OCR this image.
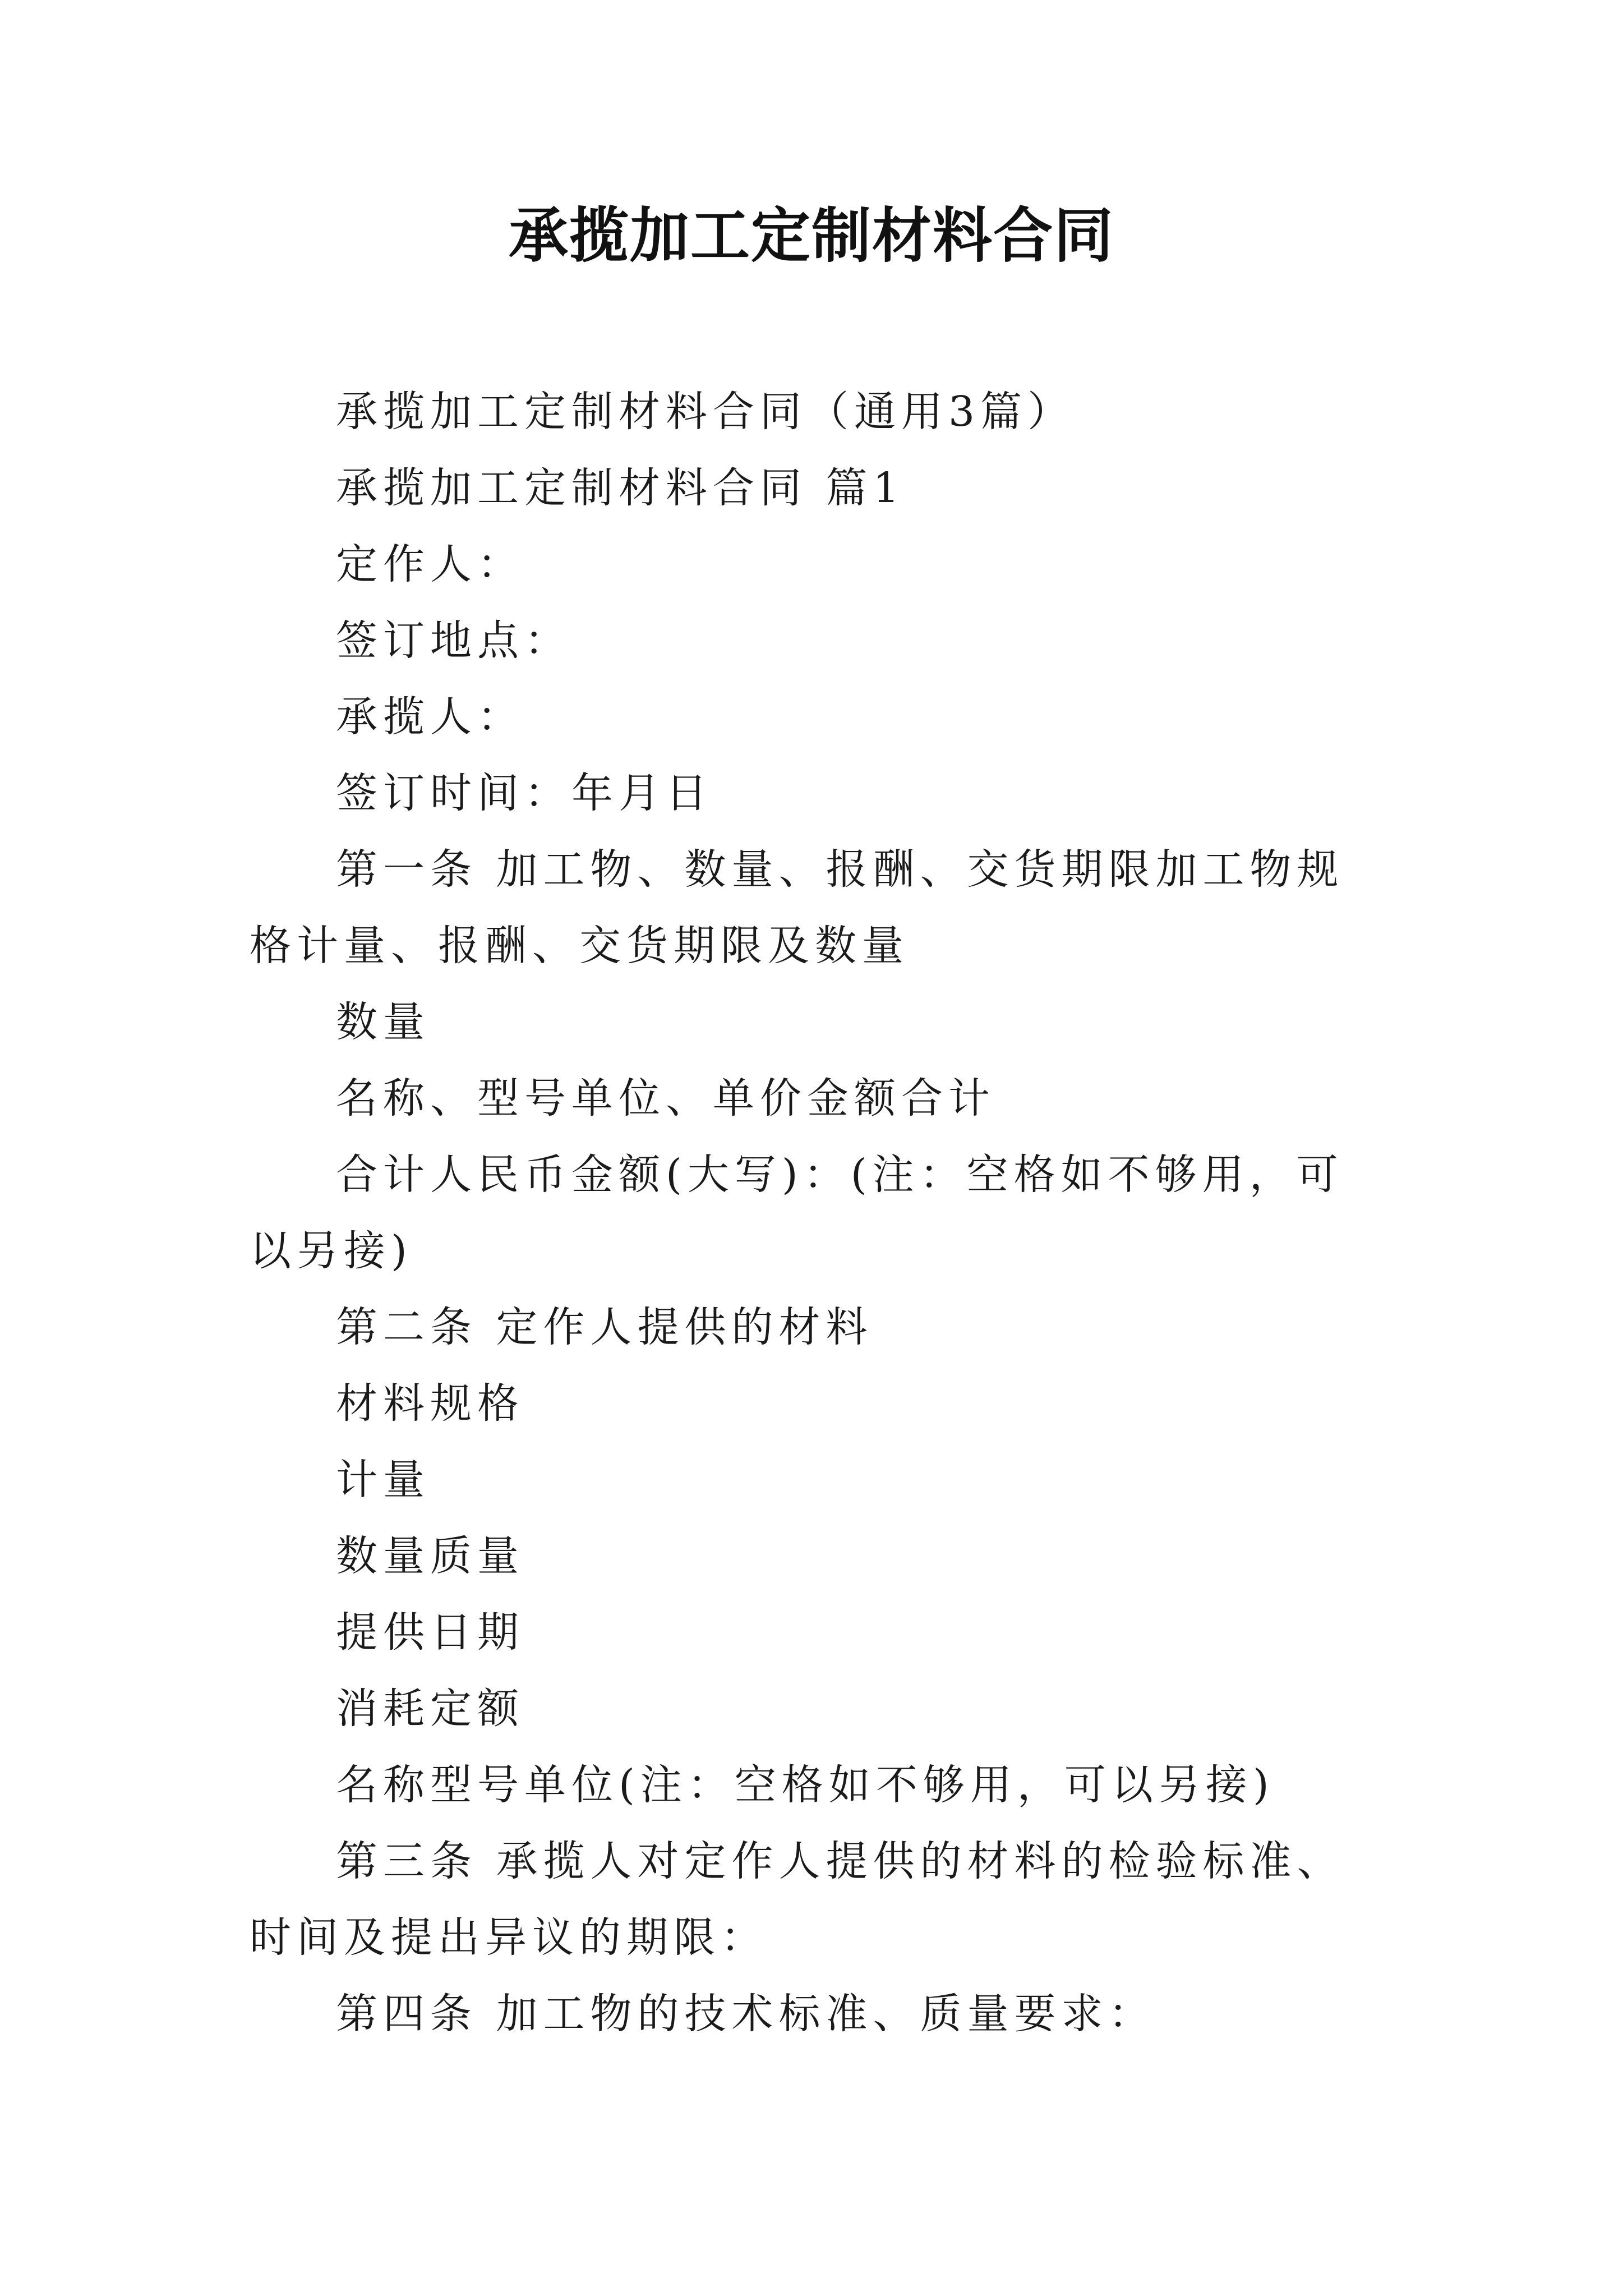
承揽加工定制材料合同

承揽加工定制材料合同（通用3篇）

承揽加工定制材料合同 篇1

定作人：

签订地点：

承揽人：

签订时间：年月日

第一条 加工物、数量、报酬、交货期限加工物规格计量、报酬、交货期限及数量

数量

名称、型号单位、单价金额合计

合计人民币金额(大写)：(注：空格如不够用，可以另接)

第二条 定作人提供的材料

材料规格

计量

数量质量

提供日期

消耗定额

名称型号单位(注：空格如不够用，可以另接)

第三条 承揽人对定作人提供的材料的检验标准、时间及提出异议的期限：

第四条 加工物的技术标准、质量要求：
